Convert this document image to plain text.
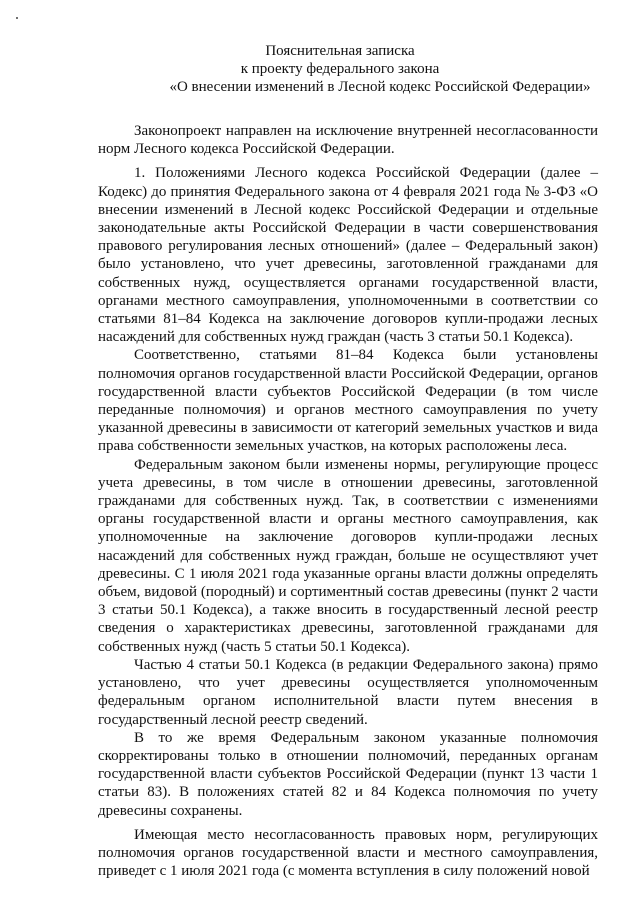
Пояснительная записка
к проекту федерального закона
«О внесении изменений в Лесной кодекс Российской Федерации»

Законопроект направлен на исключение внутренней несогласованности норм Лесного кодекса Российской Федерации.

1. Положениями Лесного кодекса Российской Федерации (далее – Кодекс) до принятия Федерального закона от 4 февраля 2021 года № 3-ФЗ «О внесении изменений в Лесной кодекс Российской Федерации и отдельные законодательные акты Российской Федерации в части совершенствования правового регулирования лесных отношений» (далее – Федеральный закон) было установлено, что учет древесины, заготовленной гражданами для собственных нужд, осуществляется органами государственной власти, органами местного самоуправления, уполномоченными в соответствии со статьями 81–84 Кодекса на заключение договоров купли-продажи лесных насаждений для собственных нужд граждан (часть 3 статьи 50.1 Кодекса).

Соответственно, статьями 81–84 Кодекса были установлены полномочия органов государственной власти Российской Федерации, органов государственной власти субъектов Российской Федерации (в том числе переданные полномочия) и органов местного самоуправления по учету указанной древесины в зависимости от категорий земельных участков и вида права собственности земельных участков, на которых расположены леса.

Федеральным законом были изменены нормы, регулирующие процесс учета древесины, в том числе в отношении древесины, заготовленной гражданами для собственных нужд. Так, в соответствии с изменениями органы государственной власти и органы местного самоуправления, как уполномоченные на заключение договоров купли-продажи лесных насаждений для собственных нужд граждан, больше не осуществляют учет древесины. С 1 июля 2021 года указанные органы власти должны определять объем, видовой (породный) и сортиментный состав древесины (пункт 2 части 3 статьи 50.1 Кодекса), а также вносить в государственный лесной реестр сведения о характеристиках древесины, заготовленной гражданами для собственных нужд (часть 5 статьи 50.1 Кодекса).

Частью 4 статьи 50.1 Кодекса (в редакции Федерального закона) прямо установлено, что учет древесины осуществляется уполномоченным федеральным органом исполнительной власти путем внесения в государственный лесной реестр сведений.

В то же время Федеральным законом указанные полномочия скорректированы только в отношении полномочий, переданных органам государственной власти субъектов Российской Федерации (пункт 13 части 1 статьи 83). В положениях статей 82 и 84 Кодекса полномочия по учету древесины сохранены.

Имеющая место несогласованность правовых норм, регулирующих полномочия органов государственной власти и местного самоуправления, приведет с 1 июля 2021 года (с момента вступления в силу положений новой
